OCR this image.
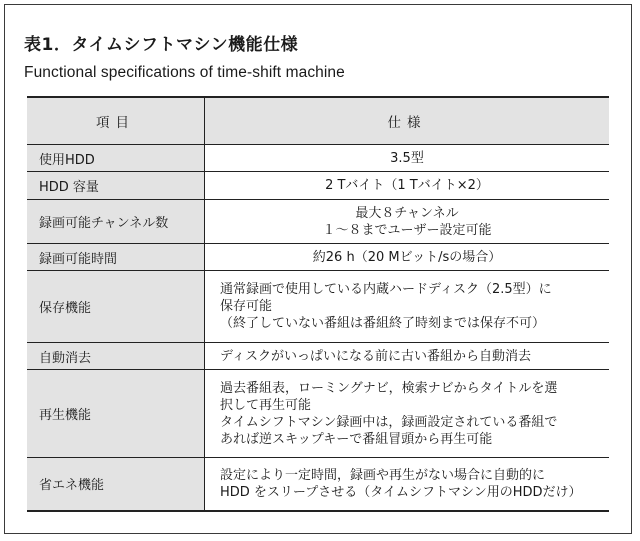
表1．タイムシフトマシン機能仕様
Functional specifications of time-shift machine
項目	仕様
使用HDD	3.5型

HDD 容量	2 Tバイト（1 Tバイト×2）

録画可能チャンネル数	最大８チャンネル
１～８までユーザー設定可能

録画可能時間	約26 h（20 Mビット/sの場合）

保存機能	通常録画で使用している内蔵ハードディスク（2.5型）に
保存可能
（終了していない番組は番組終了時刻までは保存不可）

自動消去	ディスクがいっぱいになる前に古い番組から自動消去

再生機能	過去番組表，ローミングナビ，検索ナビからタイトルを選
択して再生可能
タイムシフトマシン録画中は，録画設定されている番組で
あれば逆スキップキーで番組冒頭から再生可能

省エネ機能	設定により一定時間，録画や再生がない場合に自動的に
HDD をスリープさせる（タイムシフトマシン用のHDDだけ）
